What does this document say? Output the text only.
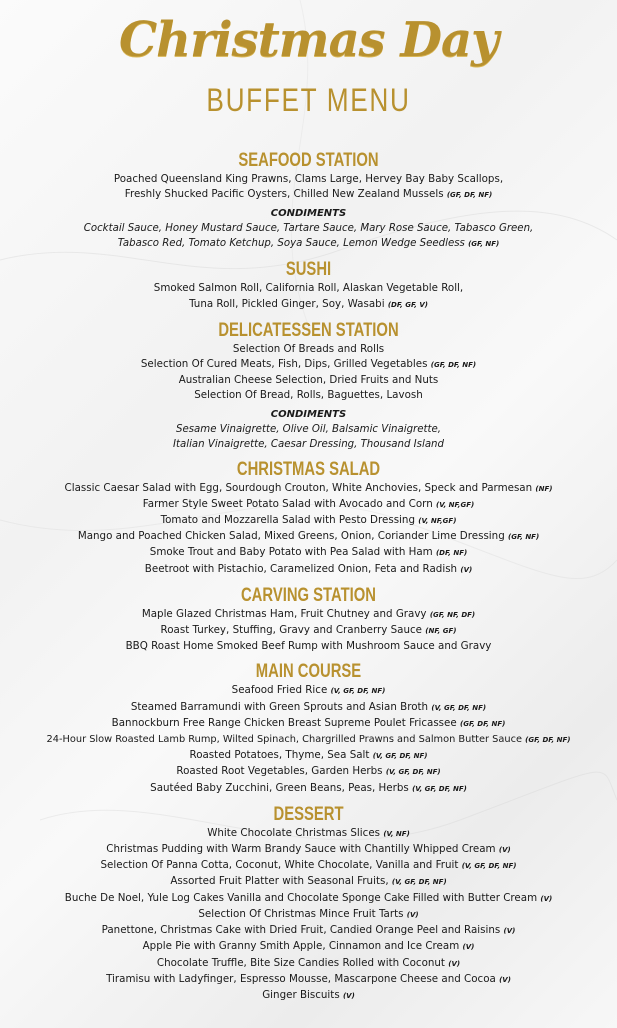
Christmas Day
BUFFET MENU
SEAFOOD STATION
Poached Queensland King Prawns, Clams Large, Hervey Bay Baby Scallops,
Freshly Shucked Pacific Oysters, Chilled New Zealand Mussels (GF, DF, NF)
CONDIMENTS
Cocktail Sauce, Honey Mustard Sauce, Tartare Sauce, Mary Rose Sauce, Tabasco Green,
Tabasco Red, Tomato Ketchup, Soya Sauce, Lemon Wedge Seedless (GF, NF)
SUSHI
Smoked Salmon Roll, California Roll, Alaskan Vegetable Roll,
Tuna Roll, Pickled Ginger, Soy, Wasabi (DF, GF, V)
DELICATESSEN STATION
Selection Of Breads and Rolls
Selection Of Cured Meats, Fish, Dips, Grilled Vegetables (GF, DF, NF)
Australian Cheese Selection, Dried Fruits and Nuts
Selection Of Bread, Rolls, Baguettes, Lavosh
CONDIMENTS
Sesame Vinaigrette, Olive Oil, Balsamic Vinaigrette,
Italian Vinaigrette, Caesar Dressing, Thousand Island
CHRISTMAS SALAD
Classic Caesar Salad with Egg, Sourdough Crouton, White Anchovies, Speck and Parmesan (NF)
Farmer Style Sweet Potato Salad with Avocado and Corn (V, NF,GF)
Tomato and Mozzarella Salad with Pesto Dressing (V, NF,GF)
Mango and Poached Chicken Salad, Mixed Greens, Onion, Coriander Lime Dressing (GF, NF)
Smoke Trout and Baby Potato with Pea Salad with Ham (DF, NF)
Beetroot with Pistachio, Caramelized Onion, Feta and Radish (V)
CARVING STATION
Maple Glazed Christmas Ham, Fruit Chutney and Gravy (GF, NF, DF)
Roast Turkey, Stuffing, Gravy and Cranberry Sauce (NF, GF)
BBQ Roast Home Smoked Beef Rump with Mushroom Sauce and Gravy
MAIN COURSE
Seafood Fried Rice (V, GF, DF, NF)
Steamed Barramundi with Green Sprouts and Asian Broth (V, GF, DF, NF)
Bannockburn Free Range Chicken Breast Supreme Poulet Fricassee (GF, DF, NF)
24-Hour Slow Roasted Lamb Rump, Wilted Spinach, Chargrilled Prawns and Salmon Butter Sauce (GF, DF, NF)
Roasted Potatoes, Thyme, Sea Salt (V, GF, DF, NF)
Roasted Root Vegetables, Garden Herbs (V, GF, DF, NF)
Sautéed Baby Zucchini, Green Beans, Peas, Herbs (V, GF, DF, NF)
DESSERT
White Chocolate Christmas Slices (V, NF)
Christmas Pudding with Warm Brandy Sauce with Chantilly Whipped Cream (V)
Selection Of Panna Cotta, Coconut, White Chocolate, Vanilla and Fruit (V, GF, DF, NF)
Assorted Fruit Platter with Seasonal Fruits, (V, GF, DF, NF)
Buche De Noel, Yule Log Cakes Vanilla and Chocolate Sponge Cake Filled with Butter Cream (V)
Selection Of Christmas Mince Fruit Tarts (V)
Panettone, Christmas Cake with Dried Fruit, Candied Orange Peel and Raisins (V)
Apple Pie with Granny Smith Apple, Cinnamon and Ice Cream (V)
Chocolate Truffle, Bite Size Candies Rolled with Coconut (V)
Tiramisu with Ladyfinger, Espresso Mousse, Mascarpone Cheese and Cocoa (V)
Ginger Biscuits (V)
